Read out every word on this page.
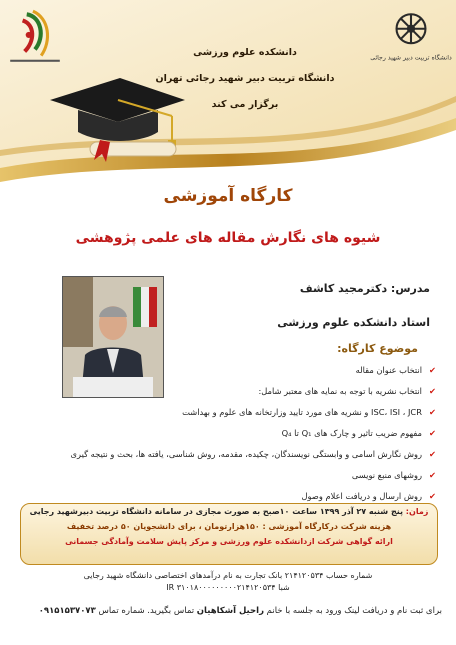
دانشگاه تربیت دبیر شهید رجائی
دانشکده علوم ورزشی
دانشگاه تربیت دبیر شهید رجائی تهران
برگزار می کند
کارگاه آموزشی
شیوه های نگارش مقاله های علمی پژوهشی
مدرس: دکترمجید کاشف
استاد دانشکده علوم ورزشی
موضوع کارگاه:
✔
انتخاب عنوان مقاله
✔
انتخاب نشریه با توجه به نمایه های معتبر شامل:
✔
ISC، ISI ، JCR و نشریه های مورد تایید وزارتخانه های علوم و بهداشت
✔
مفهوم ضریب تاثیر و چارک های Q₁ تا Q₄
✔
روش نگارش اسامی و وابستگی نویسندگان، چکیده، مقدمه، روش شناسی، یافته ها، بحث و نتیجه گیری
✔
روشهای منبع نویسی
✔
روش ارسال و دریافت اعلام وصول
زمان: پنج شنبه ۲۷ آذر ۱۳۹۹ ساعت ۱۰صبح به صورت مجازی در سامانه دانشگاه تربیت دبیرشهید رجایی
هزینه شرکت درکارگاه آموزشی : ۱۵۰هزارتومان ، برای دانشجویان ۵۰ درصد تخفیف
ارائه گواهی شرکت ازدانشکده علوم ورزشی و مرکز پایش سلامت وآمادگی جسمانی
شماره حساب ۲۱۴۱۲۰۵۳۴ بانک تجارت به نام درآمدهای اختصاصی دانشگاه شهید رجایی
شبا IR ۳۱۰۱۸۰۰۰۰۰۰۰۰۰۲۱۴۱۲۰۵۳۴
برای ثبت نام و دریافت لینک ورود به جلسه با خانم راحیل آشکاهیان تماس بگیرید. شماره تماس ۰۹۱۵۱۵۳۷۰۷۳
